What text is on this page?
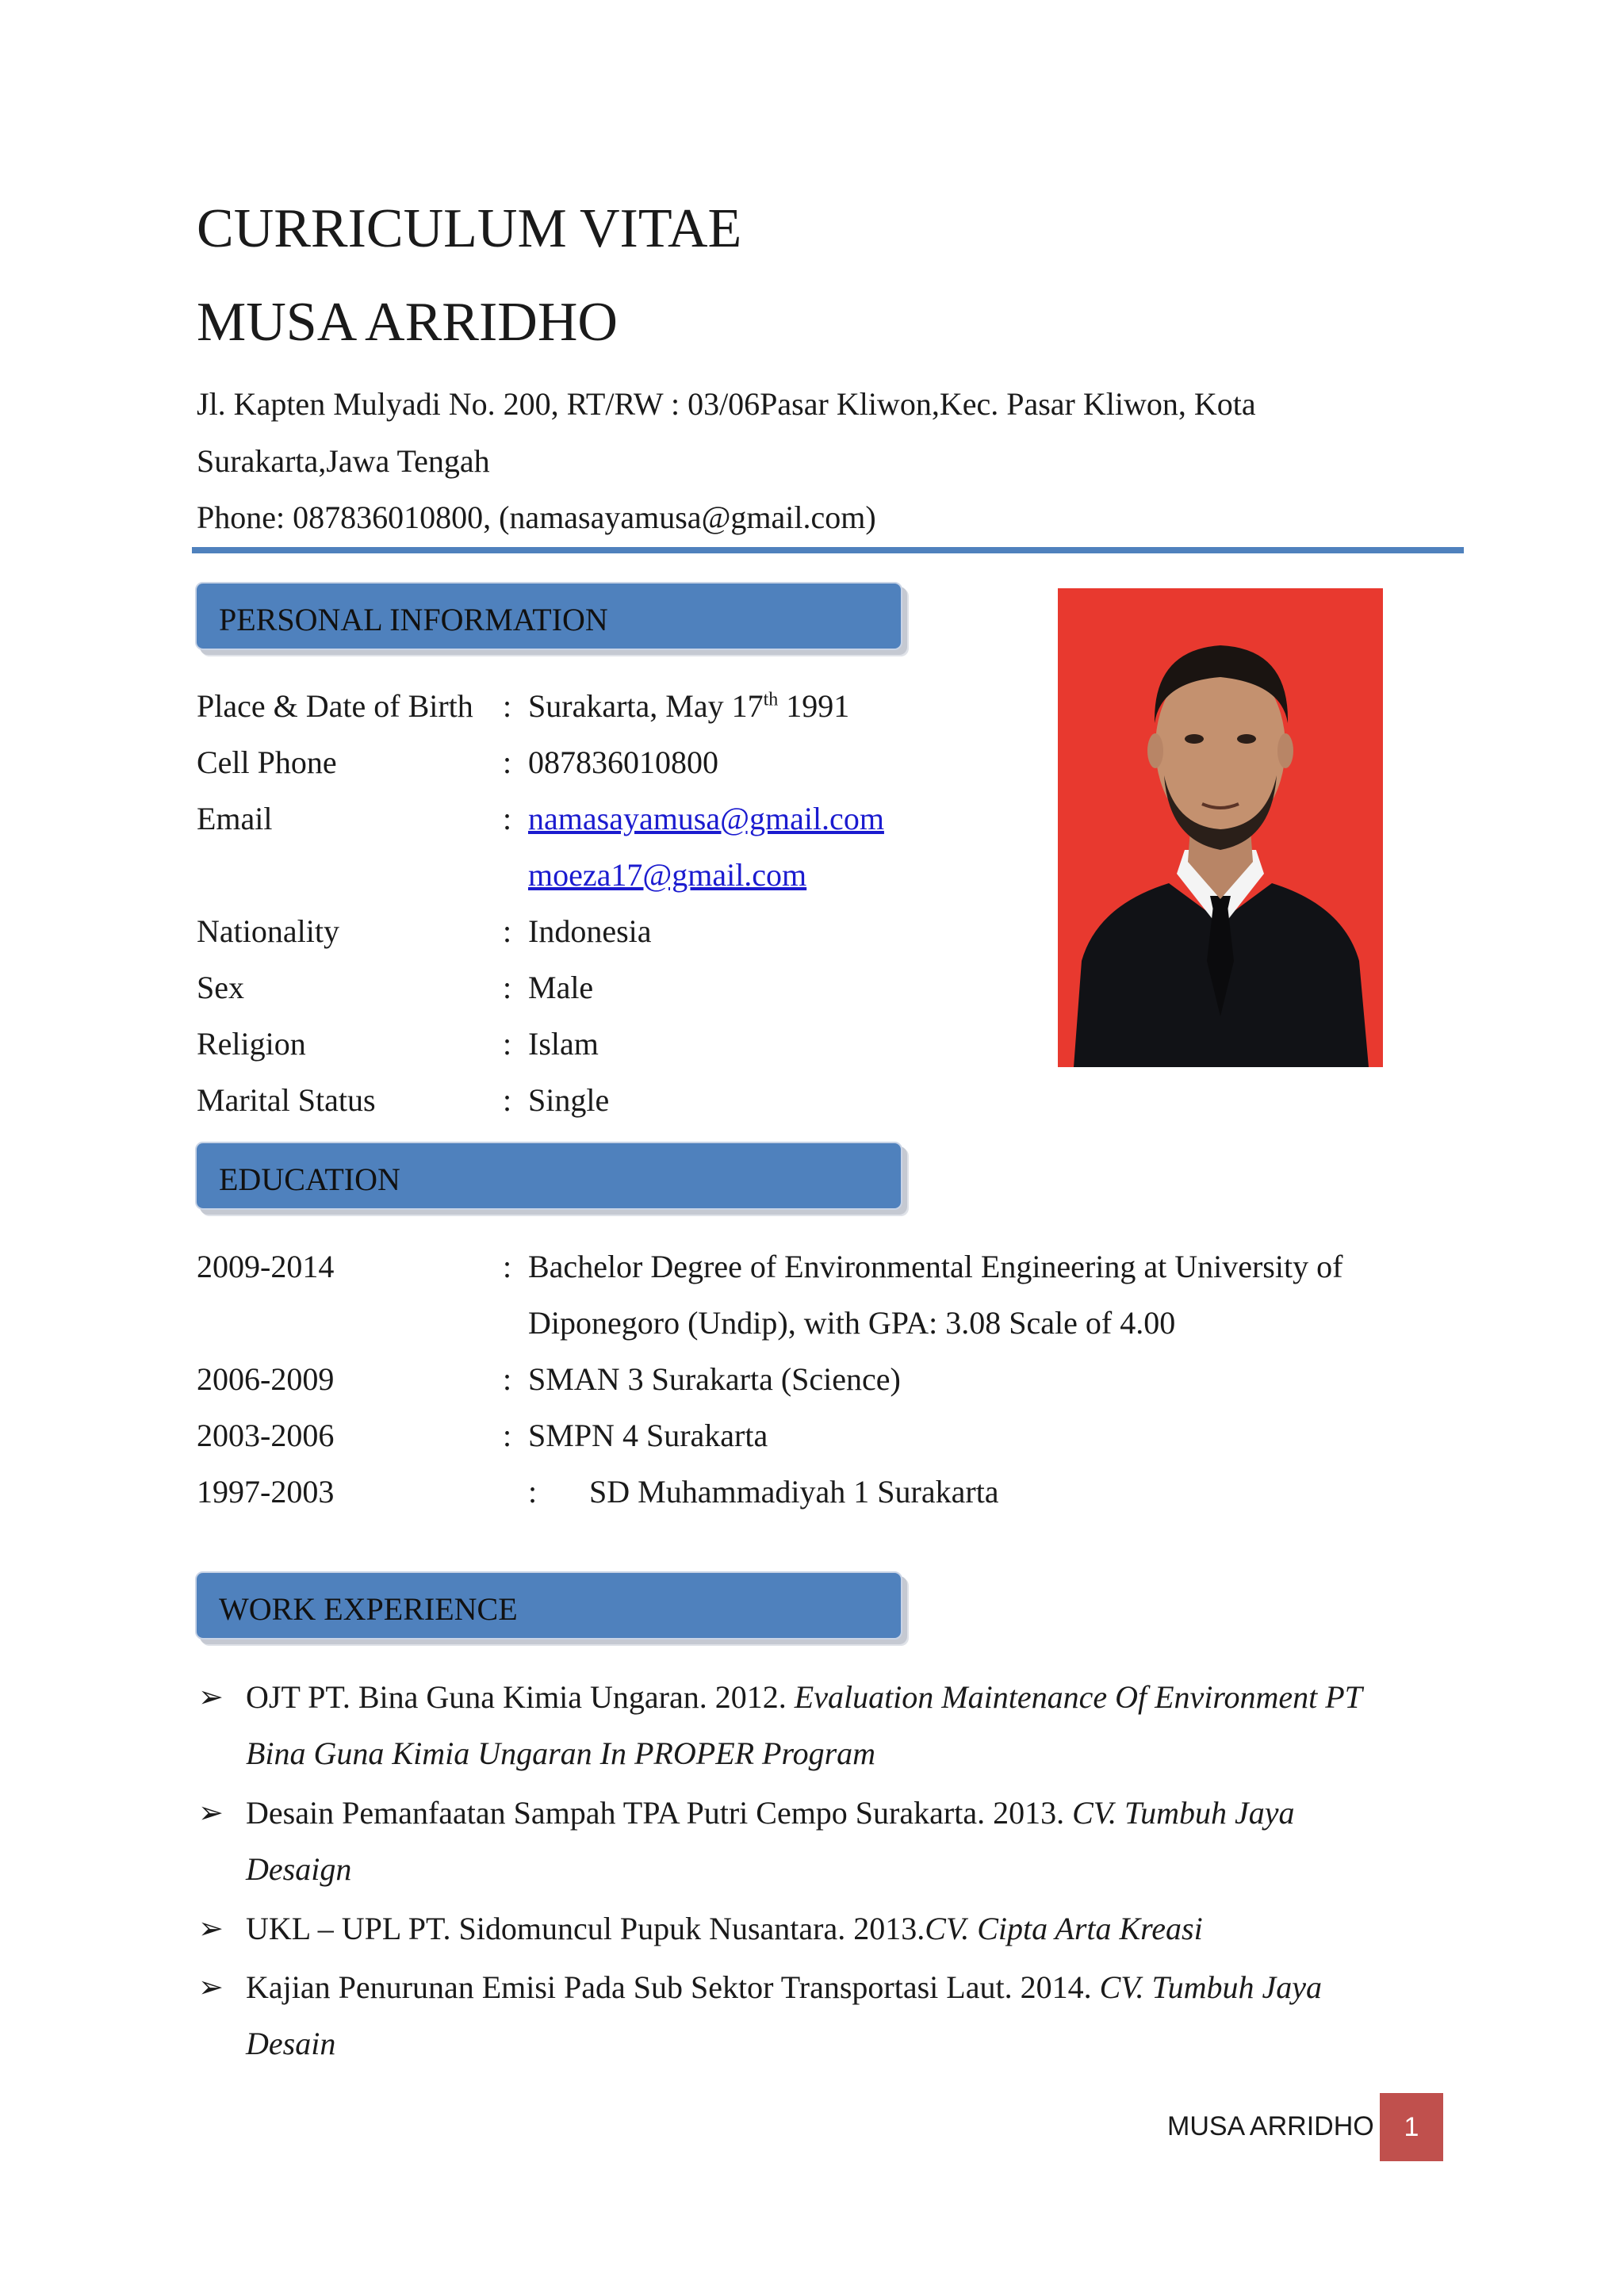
CURRICULUM VITAE
MUSA ARRIDHO
Jl. Kapten Mulyadi No. 200, RT/RW : 03/06Pasar Kliwon,Kec. Pasar Kliwon, Kota
Surakarta,Jawa Tengah
Phone: 087836010800, (namasayamusa@gmail.com)
PERSONAL INFORMATION
Place & Date of Birth : Surakarta, May 17th 1991
Cell Phone	: 087836010800
Email	: namasayamusa@gmail.com
moeza17@gmail.com
Nationality	: Indonesia
Sex	: Male
Religion	: Islam
Marital Status	: Single
EDUCATION
2009-2014	: Bachelor Degree of Environmental Engineering at University of
Diponegoro (Undip), with GPA: 3.08 Scale of 4.00
2006-2009	: SMAN 3 Surakarta (Science)
2003-2006	: SMPN 4 Surakarta
1997-2003	: SD Muhammadiyah 1 Surakarta
WORK EXPERIENCE
➢ OJT PT. Bina Guna Kimia Ungaran. 2012. Evaluation Maintenance Of Environment PT
Bina Guna Kimia Ungaran In PROPER Program
➢ Desain Pemanfaatan Sampah TPA Putri Cempo Surakarta. 2013. CV. Tumbuh Jaya
Desaign
➢ UKL – UPL PT. Sidomuncul Pupuk Nusantara. 2013.CV. Cipta Arta Kreasi
➢ Kajian Penurunan Emisi Pada Sub Sektor Transportasi Laut. 2014. CV. Tumbuh Jaya
Desain
MUSA ARRIDHO	1
